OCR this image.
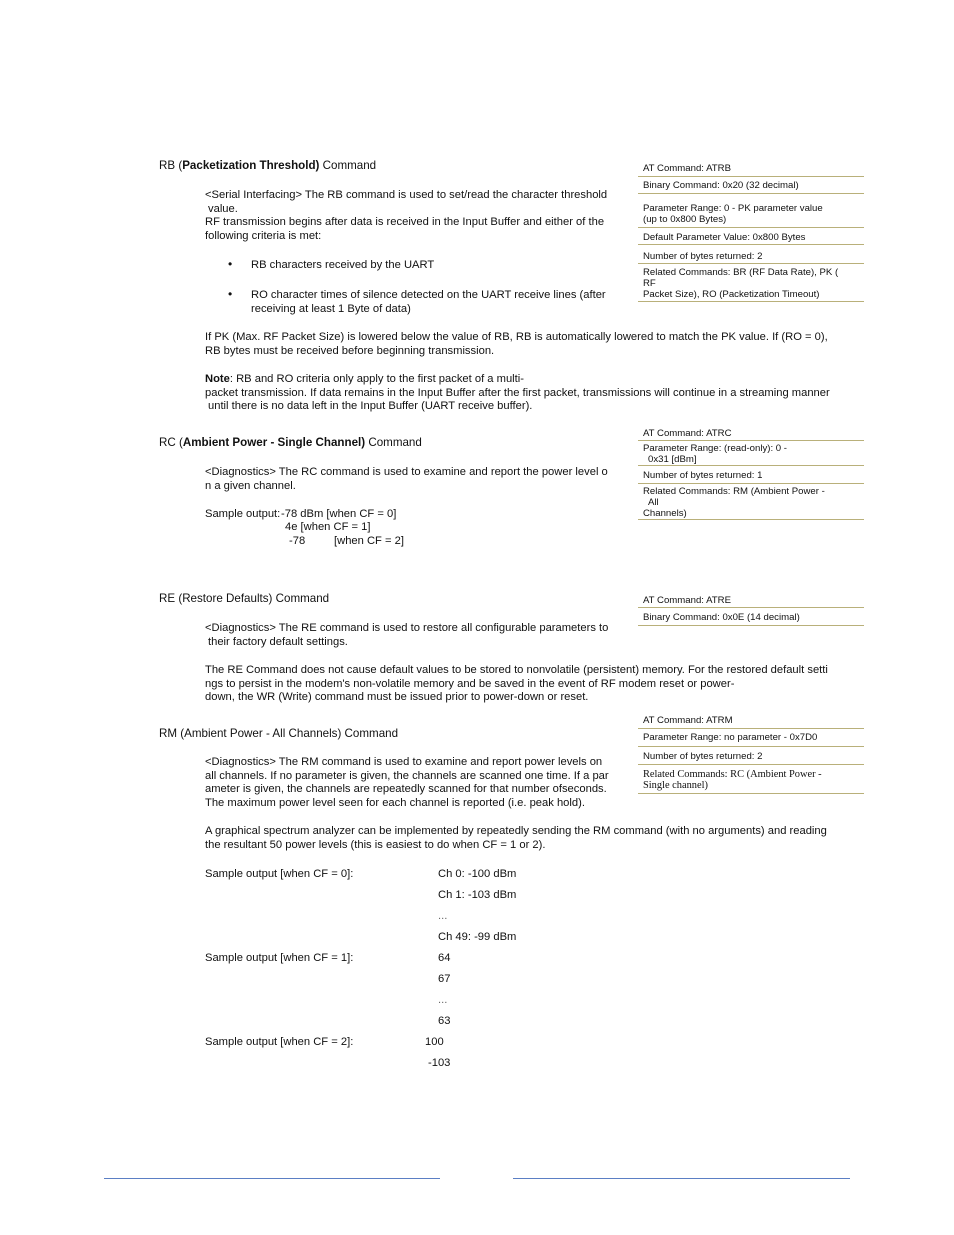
RB (Packetization Threshold) Command
<Serial Interfacing> The RB command is used to set/read the character threshold
value.
RF transmission begins after data is received in the Input Buffer and either of the
following criteria is met:
• RB characters received by the UART
• RO character times of silence detected on the UART receive lines (after
receiving at least 1 Byte of data)
If PK (Max. RF Packet Size) is lowered below the value of RB, RB is automatically lowered to match the PK value. If (RO = 0),
RB bytes must be received before beginning transmission.
Note: RB and RO criteria only apply to the first packet of a multi-
packet transmission. If data remains in the Input Buffer after the first packet, transmissions will continue in a streaming manner
until there is no data left in the Input Buffer (UART receive buffer).
AT Command: ATRB
Binary Command: 0x20 (32 decimal)
Parameter Range: 0 - PK parameter value
(up to 0x800 Bytes)
Default Parameter Value: 0x800 Bytes
Number of bytes returned: 2
Related Commands: BR (RF Data Rate), PK (
RF
Packet Size), RO (Packetization Timeout)
RC (Ambient Power - Single Channel) Command
<Diagnostics> The RC command is used to examine and report the power level o
n a given channel.
Sample output: -78 dBm [when CF = 0]
4e [when CF = 1]
-78	[when CF = 2]
AT Command: ATRC
Parameter Range: (read-only): 0 -
0x31 [dBm]
Number of bytes returned: 1
Related Commands: RM (Ambient Power -
All
Channels)
RE (Restore Defaults) Command
<Diagnostics> The RE command is used to restore all configurable parameters to
their factory default settings.
The RE Command does not cause default values to be stored to nonvolatile (persistent) memory. For the restored default setti
ngs to persist in the modem's non-volatile memory and be saved in the event of RF modem reset or power-
down, the WR (Write) command must be issued prior to power-down or reset.
AT Command: ATRE
Binary Command: 0x0E (14 decimal)
RM (Ambient Power - All Channels) Command
<Diagnostics> The RM command is used to examine and report power levels on
all channels. If no parameter is given, the channels are scanned one time. If a par
ameter is given, the channels are repeatedly scanned for that number ofseconds.
The maximum power level seen for each channel is reported (i.e. peak hold).
A graphical spectrum analyzer can be implemented by repeatedly sending the RM command (with no arguments) and reading
the resultant 50 power levels (this is easiest to do when CF = 1 or 2).
Sample output [when CF = 0]:	Ch 0: -100 dBm
Ch 1: -103 dBm
...
Ch 49: -99 dBm
Sample output [when CF = 1]:	64
67
...
63
Sample output [when CF = 2]:	100
-103
AT Command: ATRM
Parameter Range: no parameter - 0x7D0
Number of bytes returned: 2
Related Commands: RC (Ambient Power -
Single channel)
